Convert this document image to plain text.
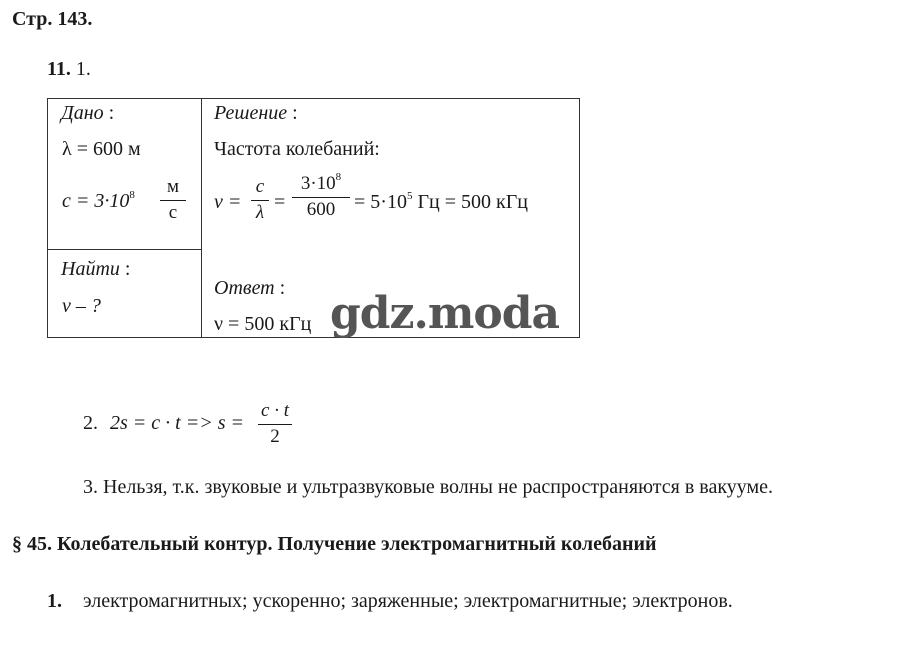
Стр. 143.
11. 1.
Дано :
λ = 600 м
$c = 3\cdot 10^8$	м
с
Найти :
ν – ?
Решение :
Частота колебаний:
ν =
c
λ =
$3\cdot 10^8$
$600 = 5\cdot 10^5$ Гц = 500 кГц
Ответ :
ν = 500 кГц gdz.moda
2. 2s = c · t => s =
c · t
2
3. Нельзя, т.к. звуковые и ультразвуковые волны не распространяются в вакууме.
§ 45. Колебательный контур. Получение электромагнитный колебаний
1. электромагнитных; ускоренно; заряженные; электромагнитные; электронов.
